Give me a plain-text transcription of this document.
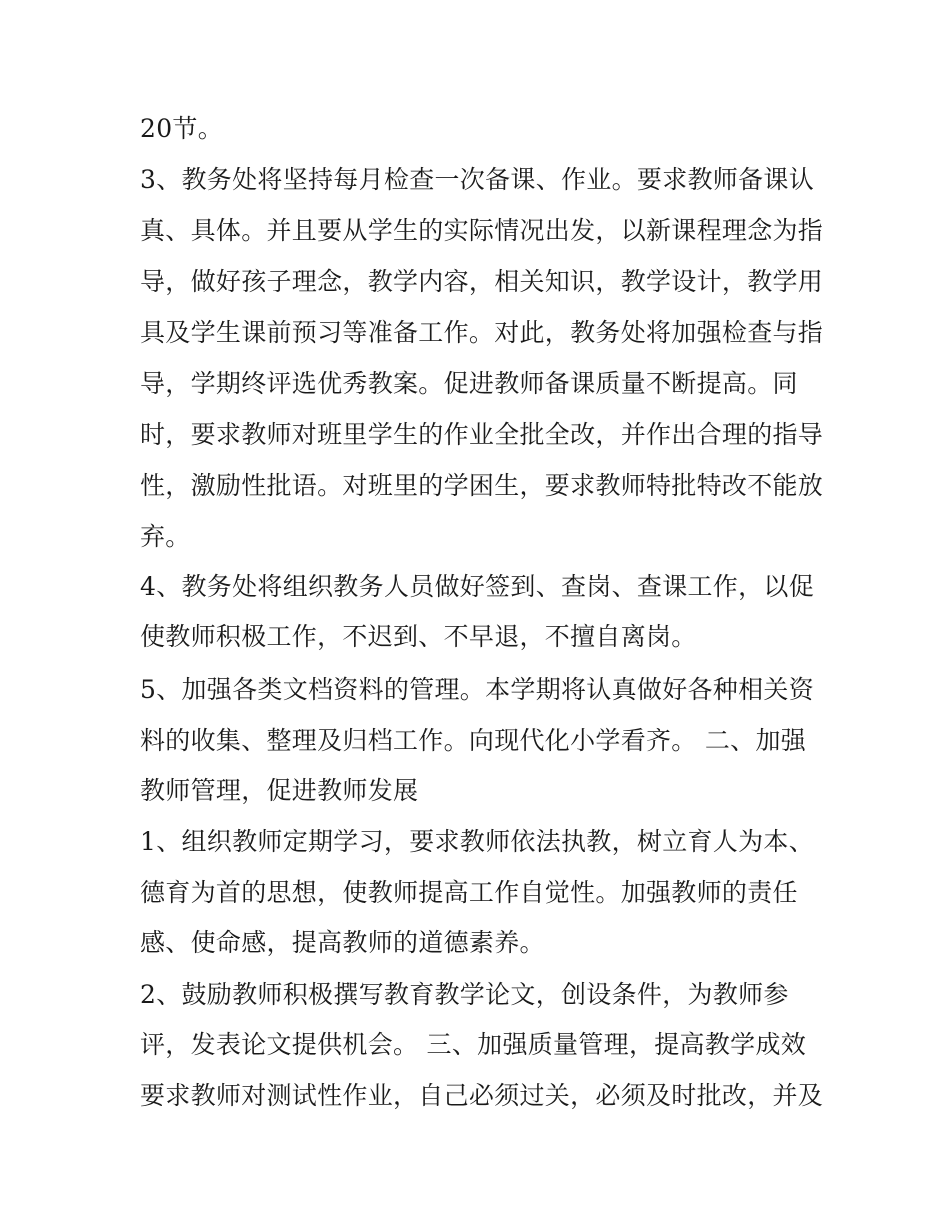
20节。
3、教务处将坚持每月检查一次备课、作业。要求教师备课认
真、具体。并且要从学生的实际情况出发，以新课程理念为指
导，做好孩子理念，教学内容，相关知识，教学设计，教学用
具及学生课前预习等准备工作。对此，教务处将加强检查与指
导，学期终评选优秀教案。促进教师备课质量不断提高。同
时，要求教师对班里学生的作业全批全改，并作出合理的指导
性，激励性批语。对班里的学困生，要求教师特批特改不能放
弃。
4、教务处将组织教务人员做好签到、查岗、查课工作，以促
使教师积极工作，不迟到、不早退，不擅自离岗。
5、加强各类文档资料的管理。本学期将认真做好各种相关资
料的收集、整理及归档工作。向现代化小学看齐。 二、加强
教师管理，促进教师发展
1、组织教师定期学习，要求教师依法执教，树立育人为本、
德育为首的思想，使教师提高工作自觉性。加强教师的责任
感、使命感，提高教师的道德素养。
2、鼓励教师积极撰写教育教学论文，创设条件，为教师参
评，发表论文提供机会。 三、加强质量管理，提高教学成效
要求教师对测试性作业，自己必须过关，必须及时批改，并及
